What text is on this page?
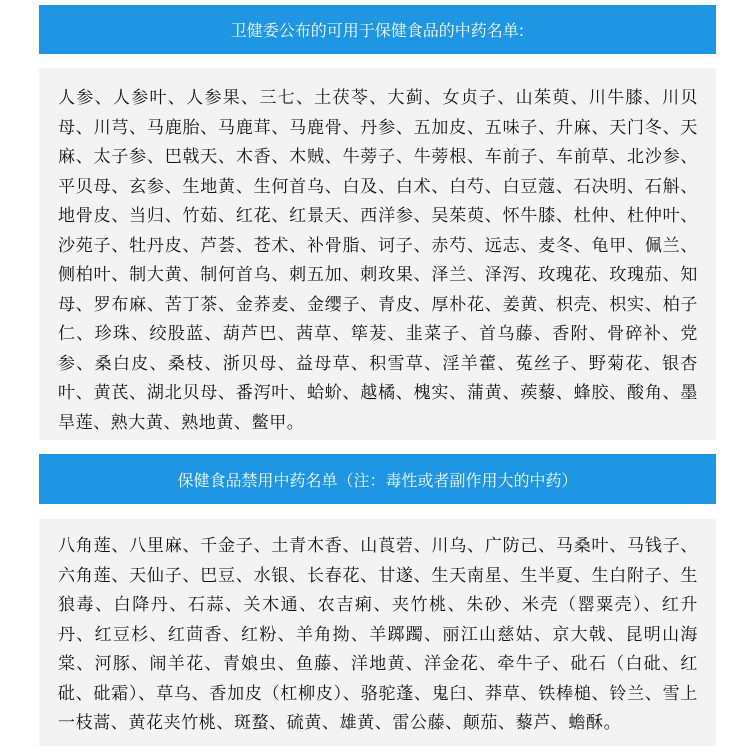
卫健委公布的可用于保健食品的中药名单:

人参、人参叶、人参果、三七、土茯苓、大蓟、女贞子、山茱萸、川牛膝、川贝母、川芎、马鹿胎、马鹿茸、马鹿骨、丹参、五加皮、五味子、升麻、天门冬、天麻、太子参、巴戟天、木香、木贼、牛蒡子、牛蒡根、车前子、车前草、北沙参、平贝母、玄参、生地黄、生何首乌、白及、白术、白芍、白豆蔻、石决明、石斛、地骨皮、当归、竹茹、红花、红景天、西洋参、吴茱萸、怀牛膝、杜仲、杜仲叶、沙苑子、牡丹皮、芦荟、苍术、补骨脂、诃子、赤芍、远志、麦冬、龟甲、佩兰、侧柏叶、制大黄、制何首乌、刺五加、刺玫果、泽兰、泽泻、玫瑰花、玫瑰茄、知母、罗布麻、苦丁茶、金荞麦、金缨子、青皮、厚朴花、姜黄、枳壳、枳实、柏子仁、珍珠、绞股蓝、葫芦巴、茜草、筚茇、韭菜子、首乌藤、香附、骨碎补、党参、桑白皮、桑枝、浙贝母、益母草、积雪草、淫羊藿、菟丝子、野菊花、银杏叶、黄芪、湖北贝母、番泻叶、蛤蚧、越橘、槐实、蒲黄、蒺藜、蜂胶、酸角、墨旱莲、熟大黄、熟地黄、鳖甲。

保健食品禁用中药名单（注：毒性或者副作用大的中药）

八角莲、八里麻、千金子、土青木香、山莨菪、川乌、广防己、马桑叶、马钱子、六角莲、天仙子、巴豆、水银、长春花、甘遂、生天南星、生半夏、生白附子、生狼毒、白降丹、石蒜、关木通、农吉痢、夹竹桃、朱砂、米壳（罂粟壳）、红升丹、红豆杉、红茴香、红粉、羊角拗、羊踯躅、丽江山慈姑、京大戟、昆明山海棠、河豚、闹羊花、青娘虫、鱼藤、洋地黄、洋金花、牵牛子、砒石（白砒、红砒、砒霜）、草乌、香加皮（杠柳皮）、骆驼蓬、鬼臼、莽草、铁棒槌、铃兰、雪上一枝蒿、黄花夹竹桃、斑蝥、硫黄、雄黄、雷公藤、颠茄、藜芦、蟾酥。
